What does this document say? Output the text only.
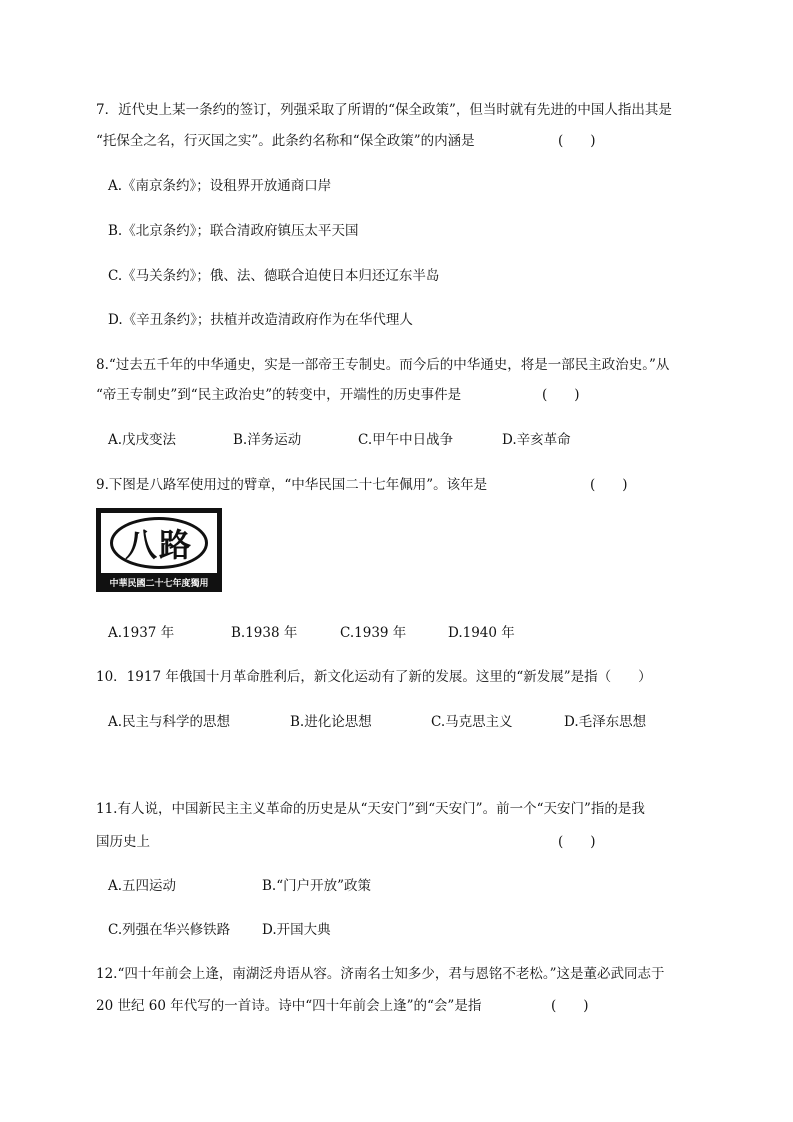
7．近代史上某一条约的签订，列强采取了所谓的“保全政策”，但当时就有先进的中国人指出其是
“托保全之名，行灭国之实”。此条约名称和“保全政策”的内涵是	(　　)
A.《南京条约》；设租界开放通商口岸
B.《北京条约》；联合清政府镇压太平天国
C.《马关条约》；俄、法、德联合迫使日本归还辽东半岛
D.《辛丑条约》；扶植并改造清政府作为在华代理人
8.“过去五千年的中华通史，实是一部帝王专制史。而今后的中华通史，将是一部民主政治史。”从
“帝王专制史”到“民主政治史”的转变中，开端性的历史事件是	(　　)
A.戊戌变法	B.洋务运动	C.甲午中日战争	D.辛亥革命
9.下图是八路军使用过的臂章，“中华民国二十七年佩用”。该年是	(　　)
八路
中華民國二十七年度獨用
A.1937 年	B.1938 年	C.1939 年	D.1940 年
10．1917 年俄国十月革命胜利后，新文化运动有了新的发展。这里的“新发展”是指（　　）
A.民主与科学的思想	B.进化论思想	C.马克思主义	D.毛泽东思想
11.有人说，中国新民主主义革命的历史是从“天安门”到“天安门”。前一个“天安门”指的是我
国历史上	(　　)
A.五四运动	B.“门户开放”政策
C.列强在华兴修铁路 D.开国大典
12.“四十年前会上逢，南湖泛舟语从容。济南名士知多少，君与恩铭不老松。”这是董必武同志于
20 世纪 60 年代写的一首诗。诗中“四十年前会上逢”的“会”是指	(　　)
